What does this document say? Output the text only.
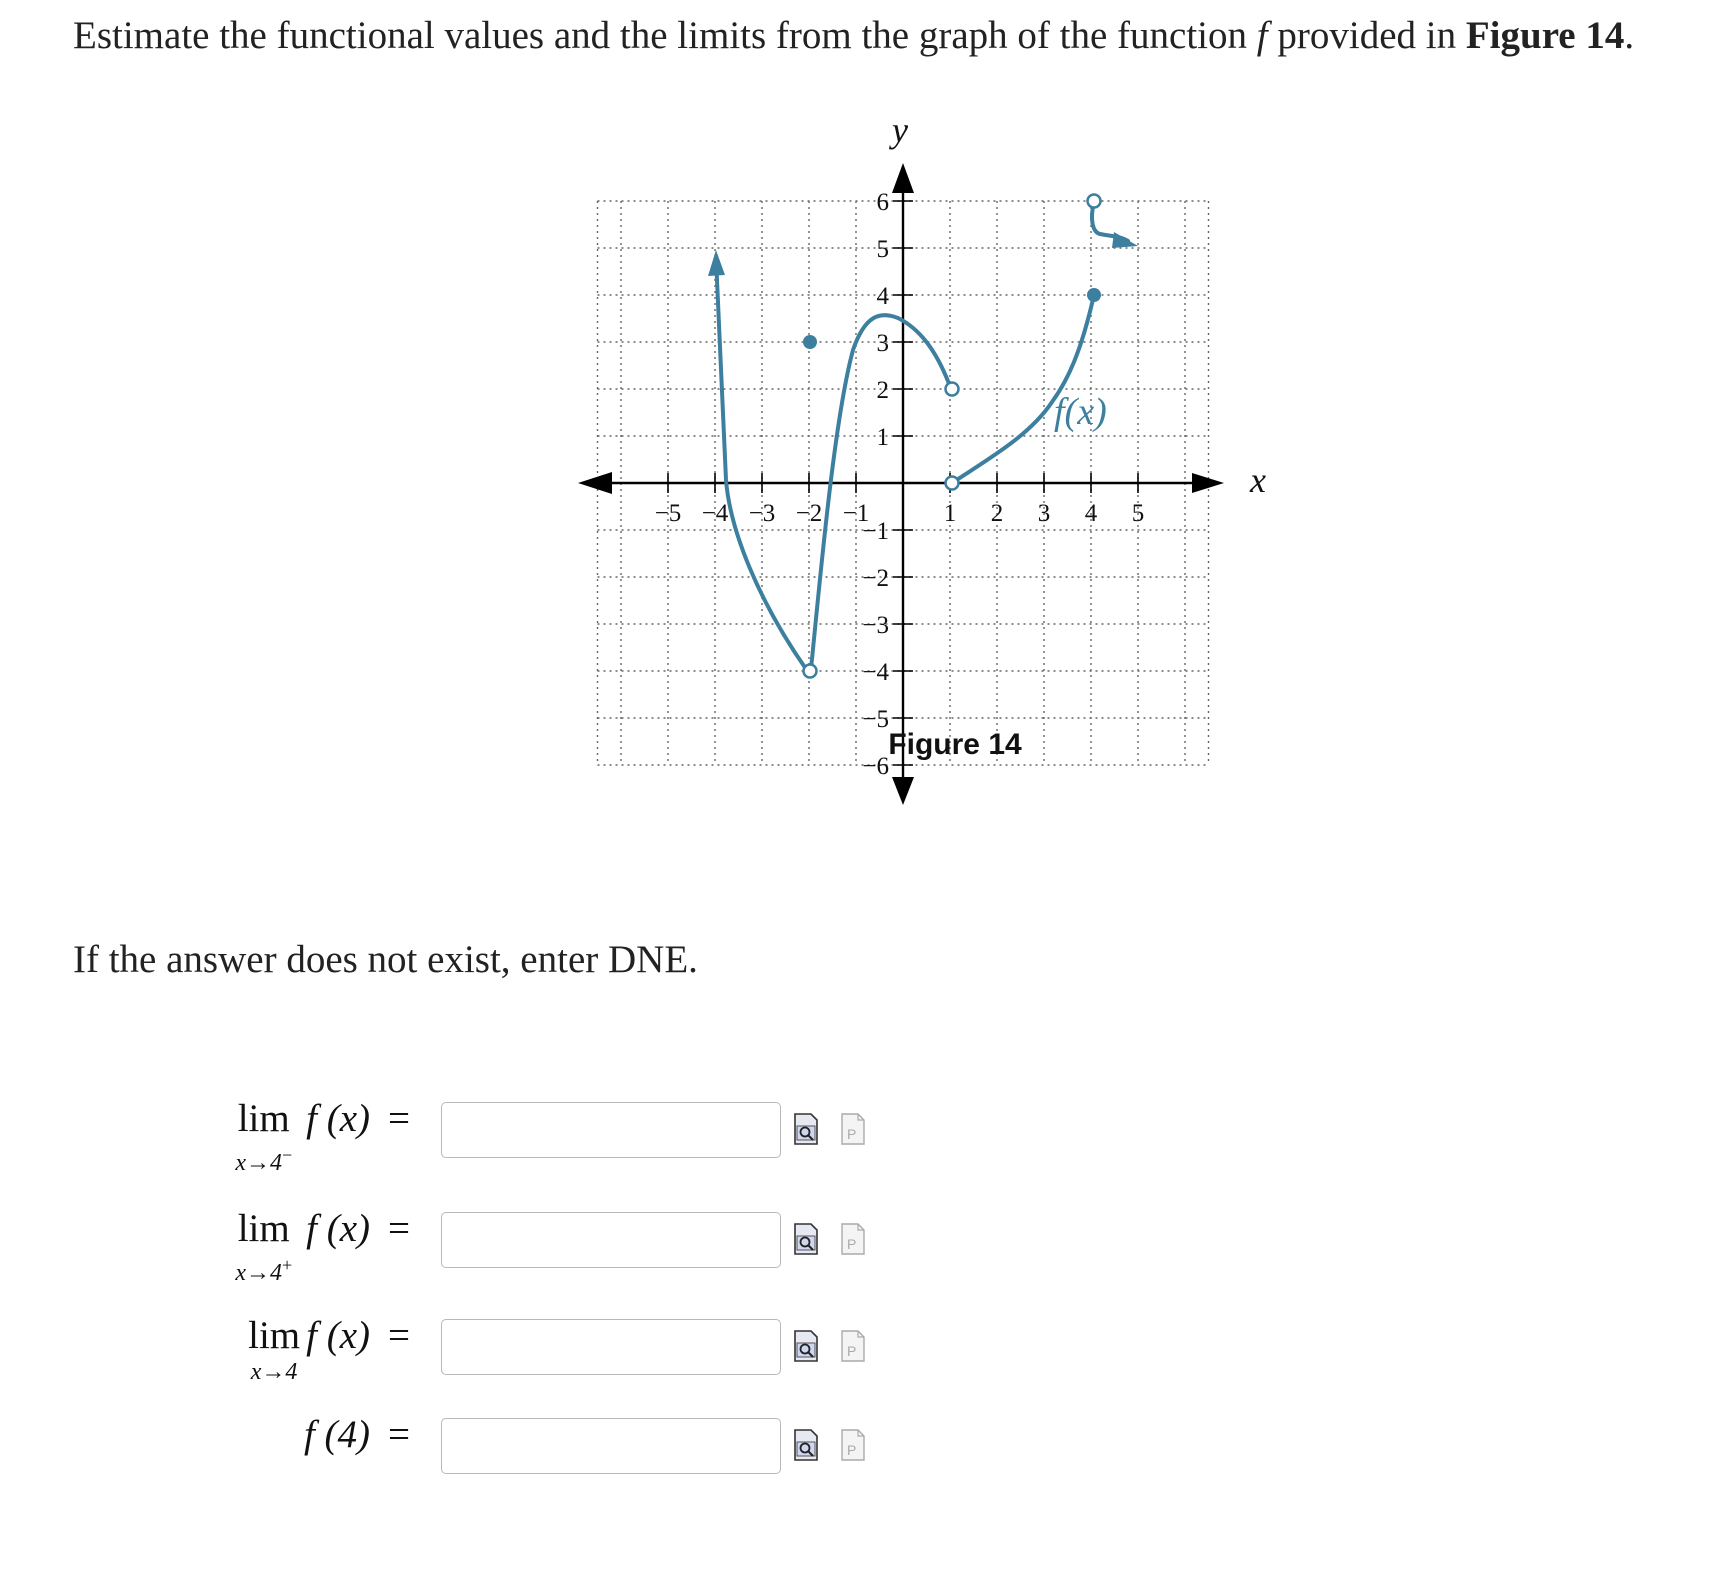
Estimate the functional values and the limits from the graph of the function f provided in Figure 14.
−5 −4 −3 −2 −1	1 2 3 4 5
6
5
4
3
2
1
−1
−2
−3
−4
−5
−6
x
y
f(x)
Figure 14
If the answer does not exist, enter DNE.
lim
x→4−
f (x) =	P
lim
x→4+
f (x) =	P
lim
x→4
f (x) =	P
f (4) =	P
